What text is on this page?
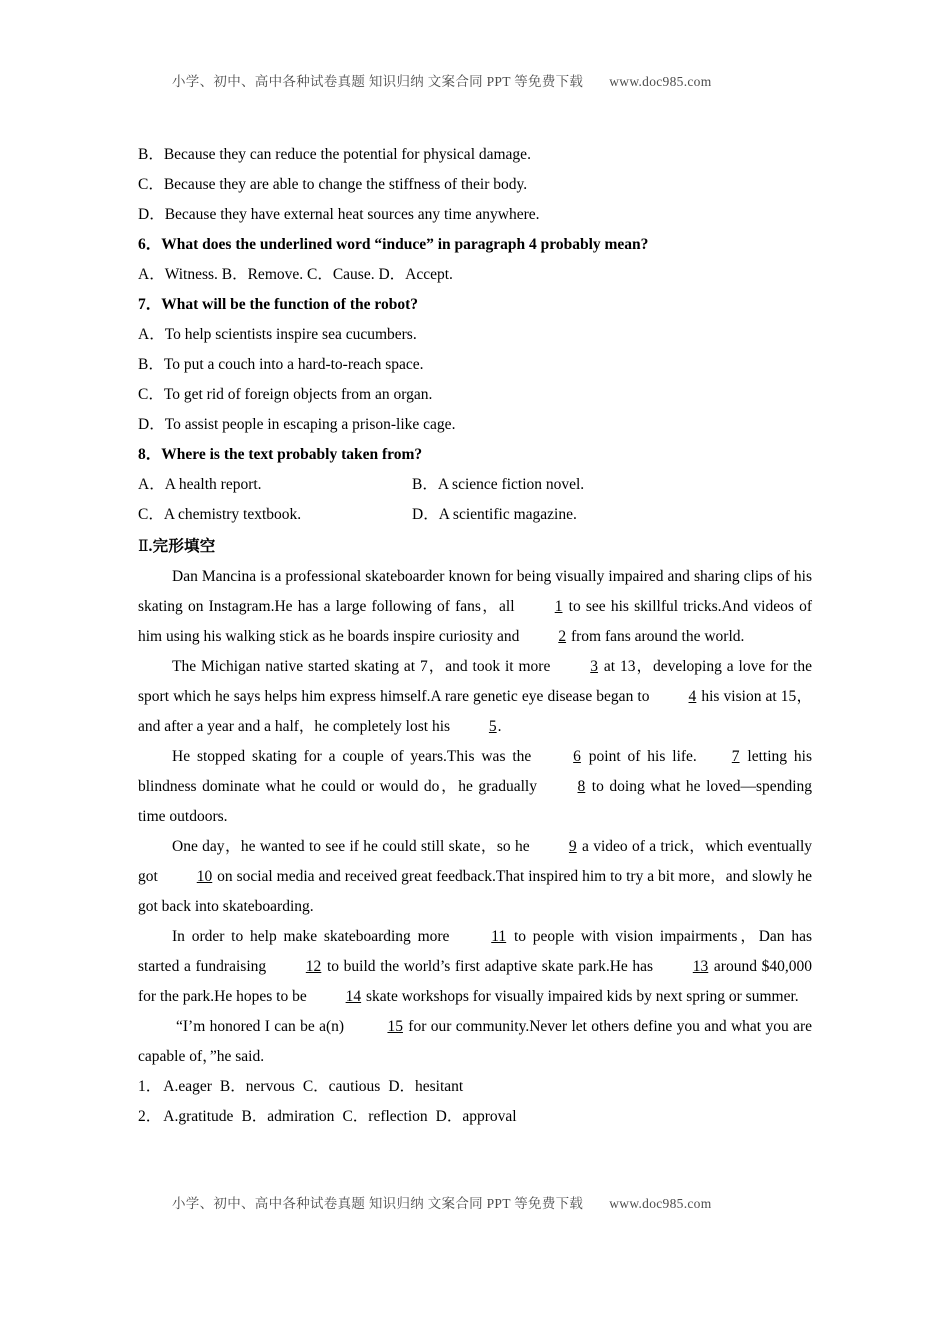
小学、初中、高中各种试卷真题 知识归纳 文案合同 PPT 等免费下载 www.doc985.com
B．Because they can reduce the potential for physical damage.
C．Because they are able to change the stiffness of their body.
D．Because they have external heat sources any time anywhere.
6．What does the underlined word “induce” in paragraph 4 probably mean?
A．Witness. B．Remove. C．Cause. D．Accept.
7．What will be the function of the robot?
A．To help scientists inspire sea cucumbers.
B．To put a couch into a hard-to-reach space.
C．To get rid of foreign objects from an organ.
D．To assist people in escaping a prison-like cage.
8．Where is the text probably taken from?
A．A health report.	B．A science fiction novel.
C．A chemistry textbook.	D．A scientific magazine.
Ⅱ.完形填空

Dan Mancina is a professional skateboarder known for being visually impaired and sharing clips of his skating on Instagram.He has a large following of fans，all 1 to see his skillful tricks.And videos of him using his walking stick as he boards inspire curiosity and 2 from fans around the world.

The Michigan native started skating at 7，and took it more 3 at 13，developing a love for the sport which he says helps him express himself.A rare genetic eye disease began to 4 his vision at 15，and after a year and a half，he completely lost his 5.

He stopped skating for a couple of years.This was the 6 point of his life. 7 letting his blindness dominate what he could or would do，he gradually 8 to doing what he loved—spending time outdoors.

One day，he wanted to see if he could still skate，so he 9 a video of a trick，which eventually got 10 on social media and received great feedback.That inspired him to try a bit more，and slowly he got back into skateboarding.

In order to help make skateboarding more 11 to people with vision impairments，Dan has started a fundraising 12 to build the world’s first adaptive skate park.He has 13 around $40,000 for the park.He hopes to be 14 skate workshops for visually impaired kids by next spring or summer.

“I’m honored I can be a(n)	15 for our community.Never let others define you and what you are capable of，”he said.

1． A.eager B．nervous C．cautious D．hesitant
2． A.gratitude B．admiration C．reflection D．approval
小学、初中、高中各种试卷真题 知识归纳 文案合同 PPT 等免费下载 www.doc985.com
